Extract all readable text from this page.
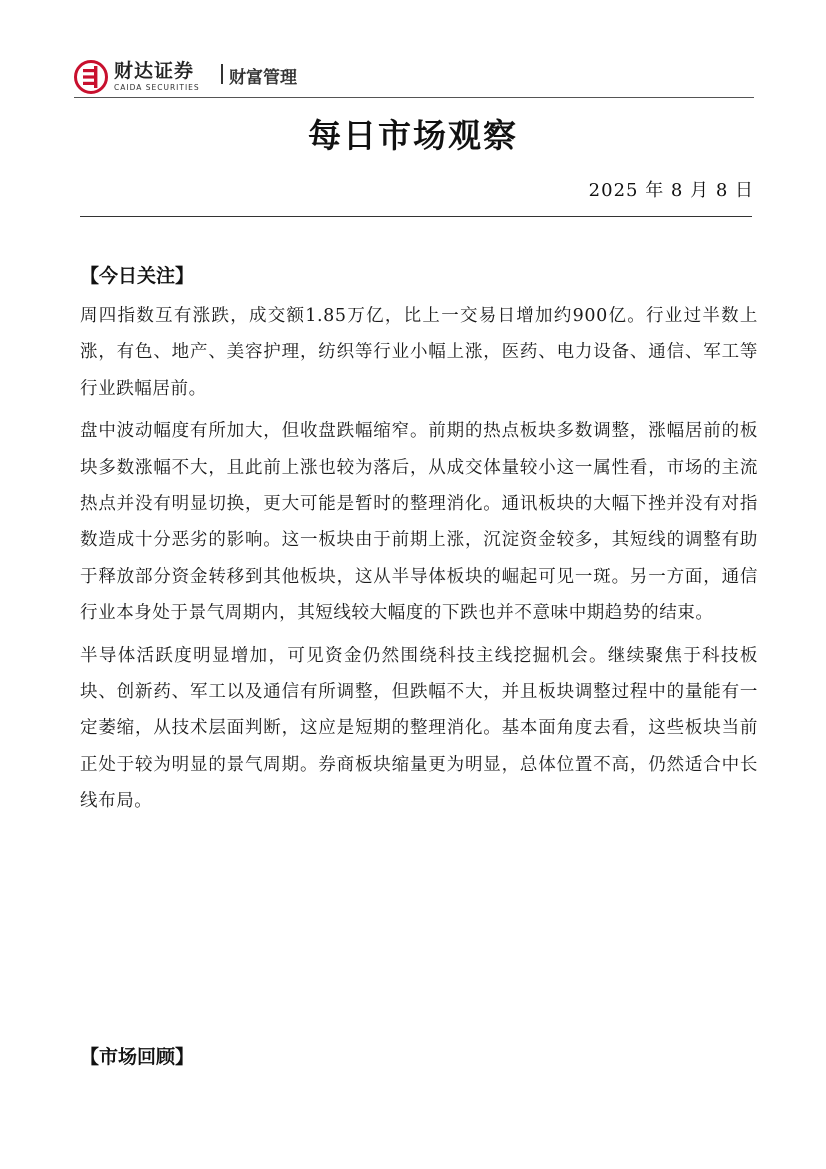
财达证券
CAIDA SECURITIES 财富管理
每日市场观察
2025 年 8 月 8 日
【今日关注】

周四指数互有涨跌，成交额1.85万亿，比上一交易日增加约900亿。行业过半数上涨，有色、地产、美容护理，纺织等行业小幅上涨，医药、电力设备、通信、军工等行业跌幅居前。

盘中波动幅度有所加大，但收盘跌幅缩窄。前期的热点板块多数调整，涨幅居前的板块多数涨幅不大，且此前上涨也较为落后，从成交体量较小这一属性看，市场的主流热点并没有明显切换，更大可能是暂时的整理消化。通讯板块的大幅下挫并没有对指数造成十分恶劣的影响。这一板块由于前期上涨，沉淀资金较多，其短线的调整有助于释放部分资金转移到其他板块，这从半导体板块的崛起可见一斑。另一方面，通信行业本身处于景气周期内，其短线较大幅度的下跌也并不意味中期趋势的结束。

半导体活跃度明显增加，可见资金仍然围绕科技主线挖掘机会。继续聚焦于科技板块、创新药、军工以及通信有所调整，但跌幅不大，并且板块调整过程中的量能有一定萎缩，从技术层面判断，这应是短期的整理消化。基本面角度去看，这些板块当前正处于较为明显的景气周期。券商板块缩量更为明显，总体位置不高，仍然适合中长线布局。

【市场回顾】
